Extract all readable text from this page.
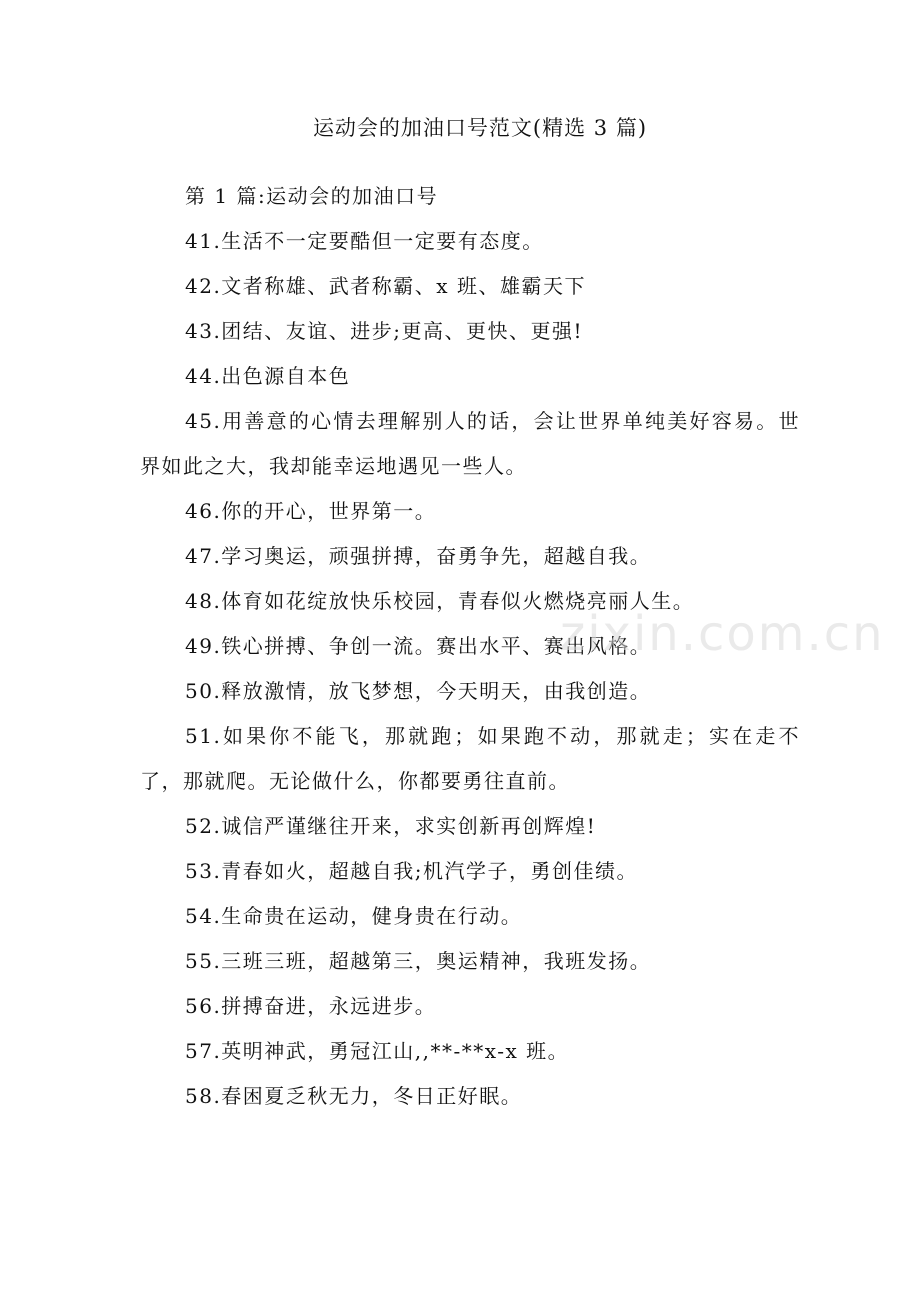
运动会的加油口号范文(精选 3 篇)

第 1 篇:运动会的加油口号

41.生活不一定要酷但一定要有态度。

42.文者称雄、武者称霸、x 班、雄霸天下

43.团结、友谊、进步;更高、更快、更强!

44.出色源自本色

45.用善意的心情去理解别人的话，会让世界单纯美好容易。世界如此之大，我却能幸运地遇见一些人。

46.你的开心，世界第一。

47.学习奥运，顽强拼搏，奋勇争先，超越自我。

48.体育如花绽放快乐校园，青春似火燃烧亮丽人生。

49.铁心拼搏、争创一流。赛出水平、赛出风格。

50.释放激情，放飞梦想，今天明天，由我创造。

51.如果你不能飞，那就跑；如果跑不动，那就走；实在走不了，那就爬。无论做什么，你都要勇往直前。

52.诚信严谨继往开来，求实创新再创辉煌!

53.青春如火，超越自我;机汽学子，勇创佳绩。

54.生命贵在运动，健身贵在行动。

55.三班三班，超越第三，奥运精神，我班发扬。

56.拼搏奋进，永远进步。

57.英明神武，勇冠江山,,**-**x-x 班。

58.春困夏乏秋无力，冬日正好眠。

zixin.com.cn
